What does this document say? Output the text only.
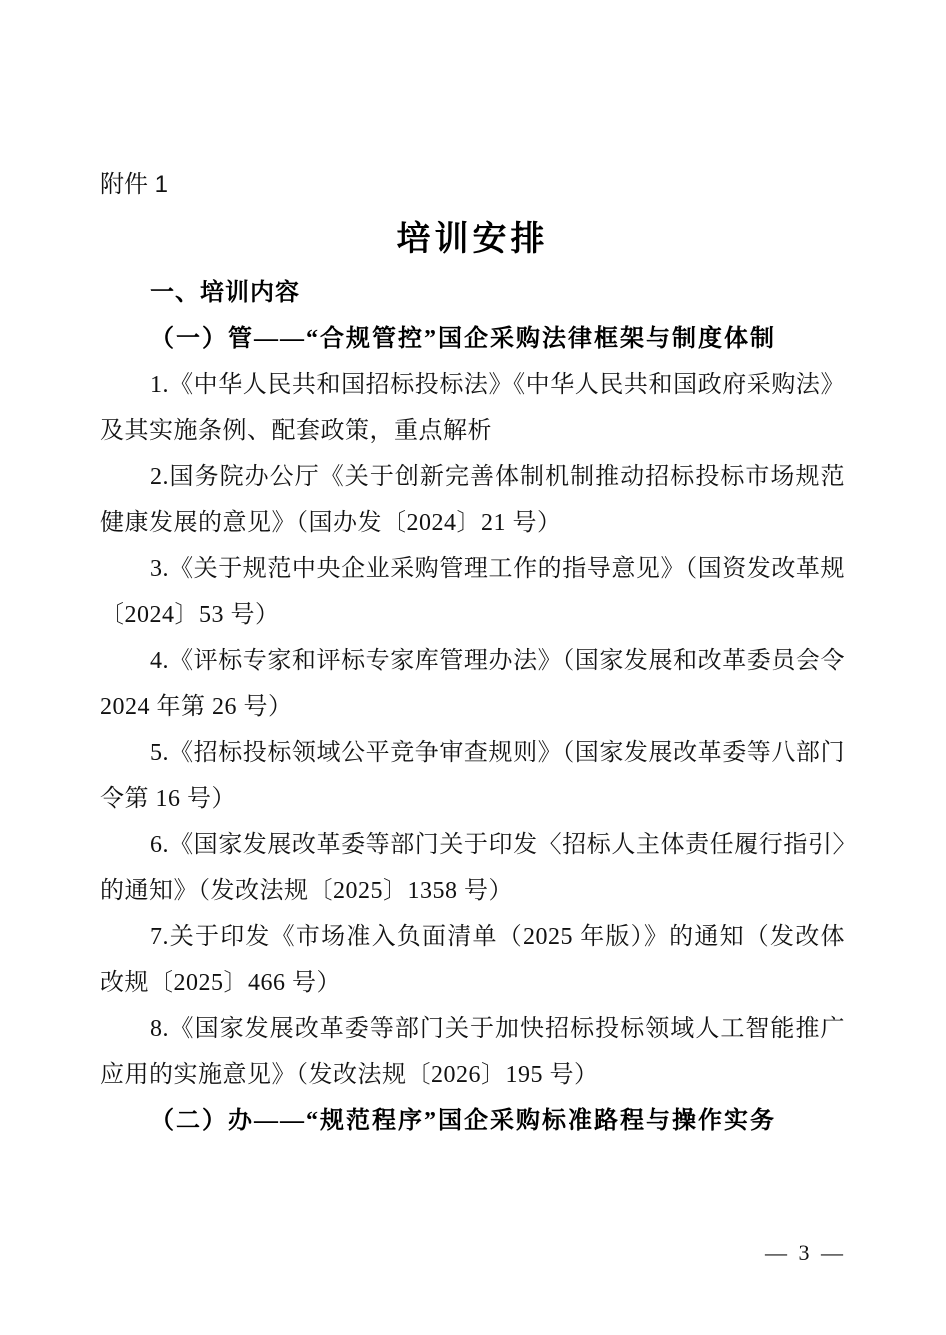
附件 1
培训安排

一、培训内容

（一）管——“合规管控”国企采购法律框架与制度体制

1.《中华人民共和国招标投标法》《中华人民共和国政府采购法》及其实施条例、配套政策，重点解析

2.国务院办公厅《关于创新完善体制机制推动招标投标市场规范健康发展的意见》（国办发〔2024〕21 号）

3.《关于规范中央企业采购管理工作的指导意见》（国资发改革规〔2024〕53 号）

4.《评标专家和评标专家库管理办法》（国家发展和改革委员会令 2024 年第 26 号）

5.《招标投标领域公平竞争审查规则》（国家发展改革委等八部门令第 16 号）

6.《国家发展改革委等部门关于印发〈招标人主体责任履行指引〉的通知》（发改法规〔2025〕1358 号）

7.关于印发《市场准入负面清单（2025 年版）》的通知（发改体改规〔2025〕466 号）

8.《国家发展改革委等部门关于加快招标投标领域人工智能推广应用的实施意见》（发改法规〔2026〕195 号）

（二）办——“规范程序”国企采购标准路程与操作实务

— 3 —
